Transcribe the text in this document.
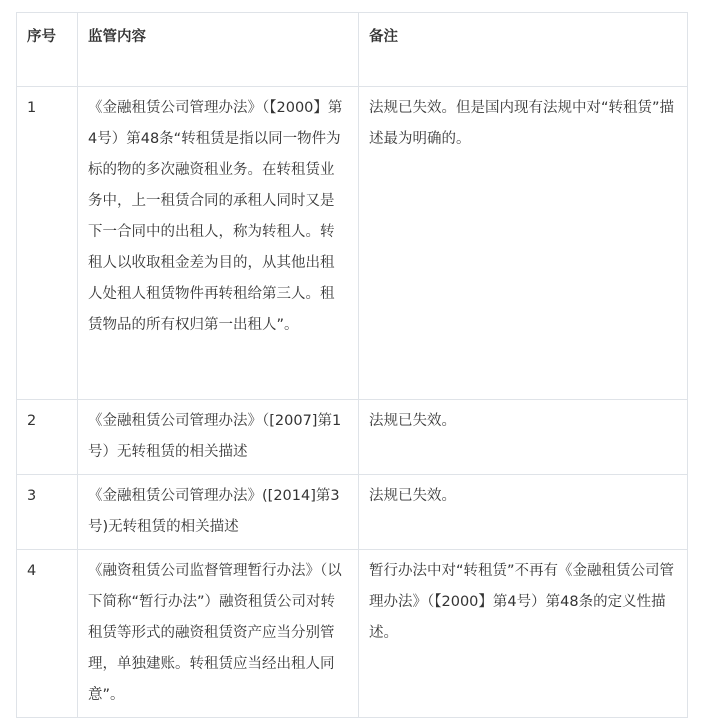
序号	监管内容	备注
1	《金融租赁公司管理办法》（【2000】第4号）第48条“转租赁是指以同一物件为标的物的多次融资租业务。在转租赁业务中，上一租赁合同的承租人同时又是下一合同中的出租人，称为转租人。转租人以收取租金差为目的，从其他出租人处租人租赁物件再转租给第三人。租赁物品的所有权归第一出租人”。	法规已失效。但是国内现有法规中对“转租赁”描述最为明确的。
2	《金融租赁公司管理办法》（[2007]第1号）无转租赁的相关描述	法规已失效。
3	《金融租赁公司管理办法》([2014]第3号)无转租赁的相关描述	法规已失效。
4	《融资租赁公司监督管理暂行办法》（以下简称“暂行办法”）融资租赁公司对转租赁等形式的融资租赁资产应当分别管理，单独建账。转租赁应当经出租人同意”。	暂行办法中对“转租赁”不再有《金融租赁公司管理办法》（【2000】第4号）第48条的定义性描述。
